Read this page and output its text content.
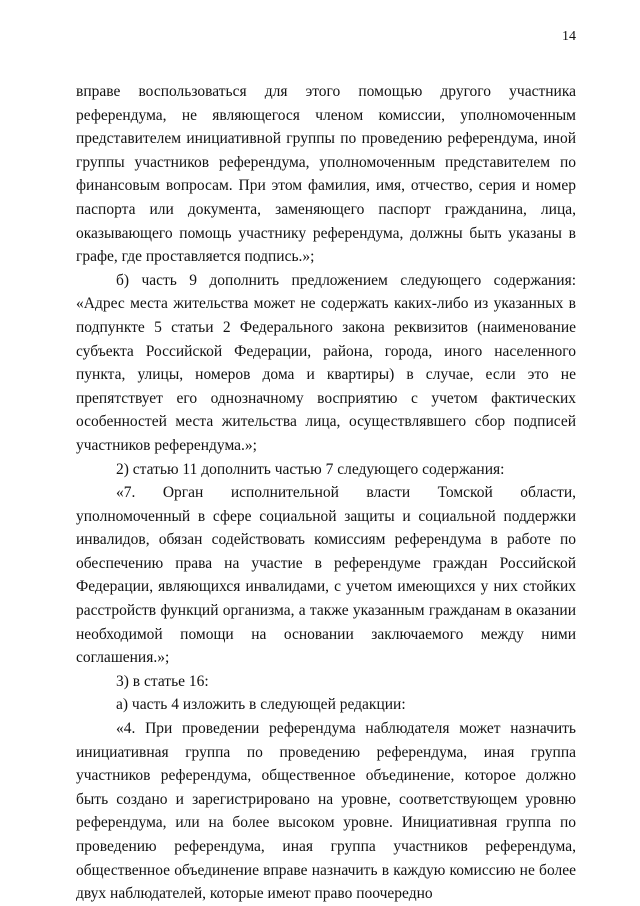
14

вправе воспользоваться для этого помощью другого участника референдума, не являющегося членом комиссии, уполномоченным представителем инициативной группы по проведению референдума, иной группы участников референдума, уполномоченным представителем по финансовым вопросам. При этом фамилия, имя, отчество, серия и номер паспорта или документа, заменяющего паспорт гражданина, лица, оказывающего помощь участнику референдума, должны быть указаны в графе, где проставляется подпись.»;

б) часть 9 дополнить предложением следующего содержания: «Адрес места жительства может не содержать каких-либо из указанных в подпункте 5 статьи 2 Федерального закона реквизитов (наименование субъекта Российской Федерации, района, города, иного населенного пункта, улицы, номеров дома и квартиры) в случае, если это не препятствует его однозначному восприятию с учетом фактических особенностей места жительства лица, осуществлявшего сбор подписей участников референдума.»;

2) статью 11 дополнить частью 7 следующего содержания:

«7. Орган исполнительной власти Томской области, уполномоченный в сфере социальной защиты и социальной поддержки инвалидов, обязан содействовать комиссиям референдума в работе по обеспечению права на участие в референдуме граждан Российской Федерации, являющихся инвалидами, с учетом имеющихся у них стойких расстройств функций организма, а также указанным гражданам в оказании необходимой помощи на основании заключаемого между ними соглашения.»;

3) в статье 16:

а) часть 4 изложить в следующей редакции:

«4. При проведении референдума наблюдателя может назначить инициативная группа по проведению референдума, иная группа участников референдума, общественное объединение, которое должно быть создано и зарегистрировано на уровне, соответствующем уровню референдума, или на более высоком уровне. Инициативная группа по проведению референдума, иная группа участников референдума, общественное объединение вправе назначить в каждую комиссию не более двух наблюдателей, которые имеют право поочередно
